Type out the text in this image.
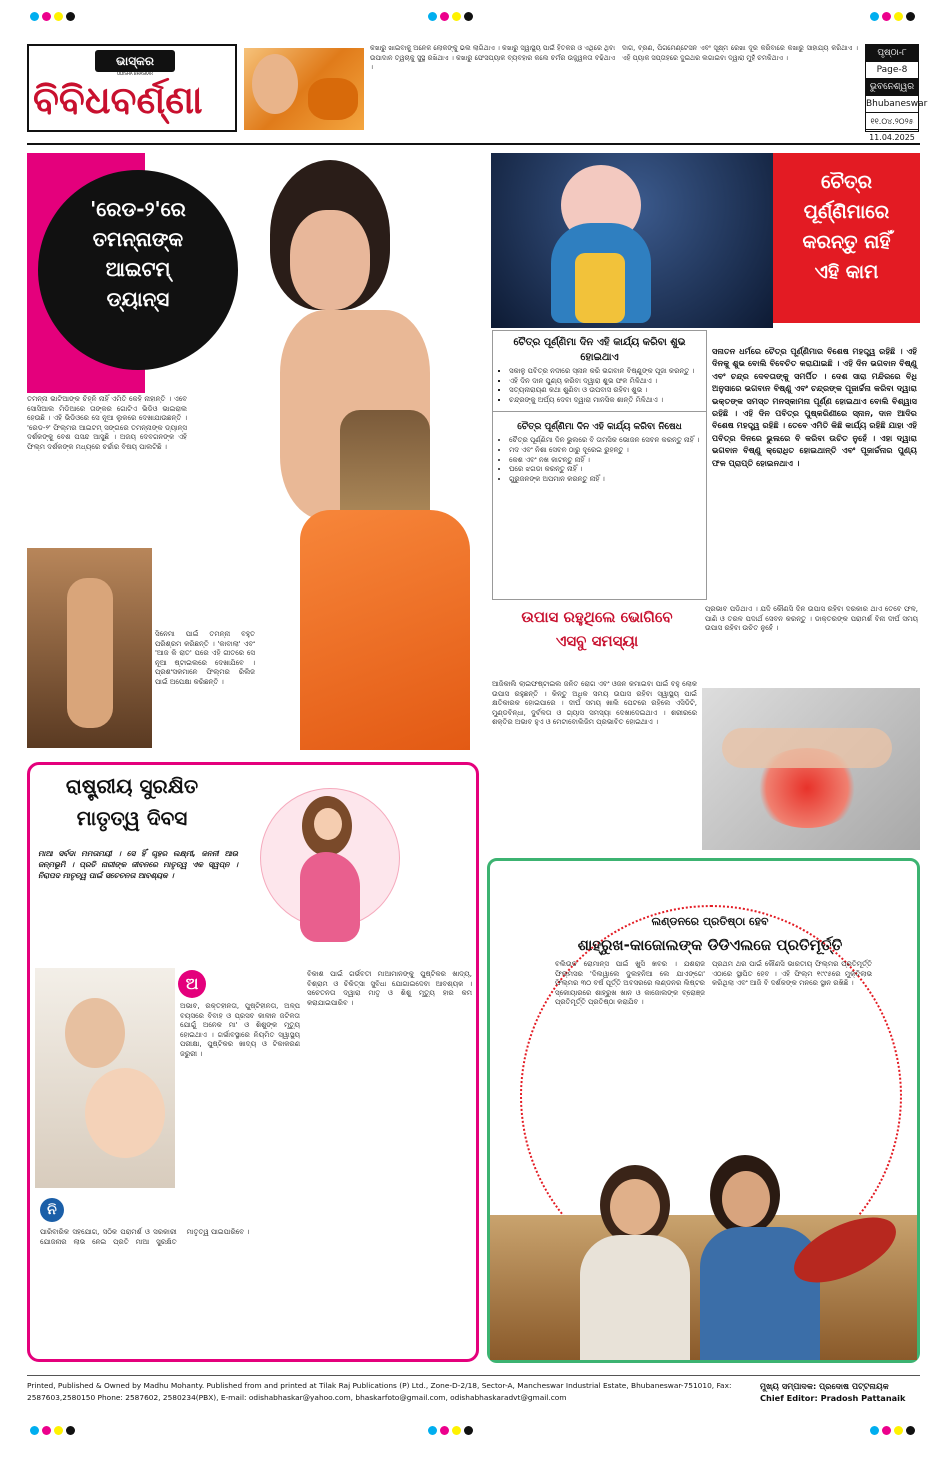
ଭାସ୍କର
ODISHA BHASKAR
ବିବିଧବର୍ଣ୍ଣା
କଖାରୁ ଖାଇବାକୁ ଅନେକ ଲୋକଙ୍କୁ ଭଲ ଲାଗିଥାଏ । କଖାରୁ ସ୍ୱାସ୍ଥ୍ୟ ପାଇଁ ହିତକର ଓ ଏଥିରେ ଥିବା ଉପାଦାନ ତ୍ୱଚାକୁ ସୁସ୍ଥ ରଖିଥାଏ । କଖାରୁ ଫେସପ୍ୟାକ ବ୍ୟବହାର କଲେ ଚର୍ମର ଉଜ୍ଜ୍ୱଳତା ବଢିଥାଏ ।
ଦାଗ, ବ୍ରଣ, ପିଗମେଣ୍ଟେସନ ଏବଂ ସୂକ୍ଷ୍ମ ରେଖା ଦୂର କରିବାରେ କଖାରୁ ସାହାଯ୍ୟ କରିଥାଏ । ଏହି ପ୍ୟାକ ସପ୍ତାହରେ ଦୁଇଥର ଲଗାଇବା ଦ୍ୱାରା ମୁହଁ ଚମକିଥାଏ ।	ପୃଷ୍ଠା-୮
Page-8
ଭୁବନେଶ୍ୱର
Bhubaneswar
୧୧.୦୪.୨୦୨୫
11.04.2025
'ରେଡ-୨'ରେ
ତମନ୍ନାଙ୍କ
ଆଇଟମ୍
ଡ୍ୟାନ୍ସ
ତମନ୍ନା ଭାଟିଆଙ୍କ ଚିହ୍ନି ନାହିଁ ଏମିତି କେହି ନାହାନ୍ତି । ଏବେ ସୋସିଆଲ ମିଡିଆରେ ତାଙ୍କର ଗୋଟିଏ ଭିଡିଓ ଭାଇରାଲ ହେଉଛି । ଏହି ଭିଡିଓରେ ସେ ନୂଆ ଲୁକରେ ଦେଖାଯାଉଛନ୍ତି । 'ରେଡ-୨' ଫିଲ୍ମର ଆଇଟମ୍ ସଙ୍ଗରେ ତମନ୍ନାଙ୍କ ଡ୍ୟାନ୍ସ ଦର୍ଶକଙ୍କୁ ବେଶ ପସନ୍ଦ ଆସୁଛି । ଅଜୟ ଦେବଗନଙ୍କ ଏହି ଫିଲ୍ମ ଦର୍ଶକଙ୍କ ମଧ୍ୟରେ ଚର୍ଚ୍ଚାର ବିଷୟ ପାଲଟିଛି ।
ସିନେମା ପାଇଁ ତମନ୍ନା ବହୁତ ପରିଶ୍ରମ କରିଛନ୍ତି । 'କାବାଲା' ଏବଂ 'ଆଜ କି ରାତ' ପରେ ଏହି ଗୀତରେ ସେ ନୂଆ ଷ୍ଟାଇଲରେ ଦେଖାଯିବେ । ପ୍ରଶଂସକମାନେ ଫିଲ୍ମର ରିଲିଜ ପାଇଁ ଅପେକ୍ଷା କରିଛନ୍ତି ।
ଚୈତ୍ର
ପୂର୍ଣ୍ଣିମାରେ
କରନ୍ତୁ ନାହିଁ
ଏହି କାମ
ଚୈତ୍ର ପୂର୍ଣ୍ଣିମା ଦିନ ଏହି କାର୍ଯ୍ୟ କରିବା ଶୁଭ ହୋଇଥାଏ
▪ ସକାଳୁ ପବିତ୍ର ନଦୀରେ ସ୍ନାନ କରି ଭଗବାନ ବିଷ୍ଣୁଙ୍କ ପୂଜା କରନ୍ତୁ ।
▪ ଏହି ଦିନ ଦାନ ପୁଣ୍ୟ କରିବା ଦ୍ୱାରା ଶୁଭ ଫଳ ମିଳିଥାଏ ।
▪ ସତ୍ୟନାରାୟଣ କଥା ଶୁଣିବା ଓ ଉପବାସ ରହିବା ଶୁଭ ।
▪ ଚନ୍ଦ୍ରଙ୍କୁ ଅର୍ଘ୍ୟ ଦେବା ଦ୍ୱାରା ମାନସିକ ଶାନ୍ତି ମିଳିଥାଏ ।
ଚୈତ୍ର ପୂର୍ଣ୍ଣିମା ଦିନ ଏହି କାର୍ଯ୍ୟ କରିବା ନିଷେଧ
• ଚୈତ୍ର ପୂର୍ଣ୍ଣିମା ଦିନ ଭୁଲରେ ବି ତାମସିକ ଭୋଜନ ସେବନ କରନ୍ତୁ ନାହିଁ ।
• ମଦ ଏବଂ ନିଶା ସେବନ ଠାରୁ ଦୂରେଇ ରୁହନ୍ତୁ ।
• କେଶ ଏବଂ ନଖ କାଟନ୍ତୁ ନାହିଁ ।
• ଘରେ ଝଗଡା କରନ୍ତୁ ନାହିଁ ।
• ଗୁରୁଜନଙ୍କ ଅପମାନ କରନ୍ତୁ ନାହିଁ ।
ସନାତନ ଧର୍ମରେ ଚୈତ୍ର ପୂର୍ଣ୍ଣିମାର ବିଶେଷ ମହତ୍ତ୍ୱ ରହିଛି । ଏହି ଦିନକୁ ଶୁଭ ବୋଲି ବିବେଚିତ କରାଯାଇଛି । ଏହି ଦିନ ଭଗବାନ ବିଷ୍ଣୁ ଏବଂ ଚନ୍ଦ୍ର ଦେବତାଙ୍କୁ ସମର୍ପିତ । ଦେଶ ସାରା ମନ୍ଦିରରେ ବିଧି ଅନୁସାରେ ଭଗବାନ ବିଷ୍ଣୁ ଏବଂ ଚନ୍ଦ୍ରଙ୍କ ପୂଜାର୍ଚ୍ଚନା କରିବା ଦ୍ୱାରା ଭକ୍ତଙ୍କ ସମସ୍ତ ମନସ୍କାମନା ପୂର୍ଣ୍ଣ ହୋଇଥାଏ ବୋଲି ବିଶ୍ୱାସ ରହିଛି । ଏହି ଦିନ ପବିତ୍ର ପୁଷ୍କରିଣୀରେ ସ୍ନାନ, ଦାନ ଆଦିର ବିଶେଷ ମହତ୍ତ୍ୱ ରହିଛି । ତେବେ ଏମିତି କିଛି କାର୍ଯ୍ୟ ରହିଛି ଯାହା ଏହି ପବିତ୍ର ଦିନରେ ଭୁଲରେ ବି କରିବା ଉଚିତ ନୁହେଁ । ଏହା ଦ୍ୱାରା ଭଗବାନ ବିଷ୍ଣୁ କ୍ରୋଧିତ ହୋଇଥାନ୍ତି ଏବଂ ପୂଜାର୍ଚ୍ଚନାର ପୁଣ୍ୟ ଫଳ ପ୍ରାପ୍ତି ହୋଇନଥାଏ ।
ଉପାସ ରହୁଥିଲେ ଭୋଗିବେ
ଏସବୁ ସମସ୍ୟା
ଆଜିକାଲି ଲାଇଫଷ୍ଟାଇଲ ଜନିତ ରୋଗ ଏବଂ ଓଜନ କମାଇବା ପାଇଁ ବହୁ ଲୋକ ଉପାସ ରହୁଛନ୍ତି । କିନ୍ତୁ ଅଧିକ ସମୟ ଉପାସ ରହିବା ସ୍ୱାସ୍ଥ୍ୟ ପାଇଁ କ୍ଷତିକାରକ ହୋଇପାରେ । ଦୀର୍ଘ ସମୟ ଖାଲି ପେଟରେ ରହିଲେ ଏସିଡିଟି, ମୁଣ୍ଡବିନ୍ଧା, ଦୁର୍ବଳତା ଓ ଗ୍ୟାସ ସମସ୍ୟା ଦେଖାଦେଇଥାଏ । ଶରୀରରେ ଶକ୍ତିର ଅଭାବ ହୁଏ ଓ ମେଟାବୋଲିଜିମ ପ୍ରଭାବିତ ହୋଇଥାଏ ।
ପ୍ରଭାବ ପଡିଥାଏ । ଯଦି କୌଣସି ଦିନ ଉପାସ ରହିବା ଦରକାର ଥାଏ ତେବେ ଫଳ, ପାଣି ଓ ତରଳ ପଦାର୍ଥ ସେବନ କରନ୍ତୁ । ଡାକ୍ତରଙ୍କ ପରାମର୍ଶ ବିନା ଦୀର୍ଘ ସମୟ ଉପାସ ରହିବା ଉଚିତ ନୁହେଁ ।
ରାଷ୍ଟ୍ରୀୟ ସୁରକ୍ଷିତ
ମାତୃତ୍ୱ ଦିବସ
ମାଆ ସର୍ବଦା ମମତାମୟୀ । ସେ ହିଁ ଗୃହର ଲକ୍ଷ୍ମୀ, ଜନନୀ ଆଉ ଜନ୍ମଭୂମି । ପ୍ରତି ନାରୀଙ୍କ ଜୀବନରେ ମାତୃତ୍ୱ ଏକ ସ୍ୱପ୍ନ । ନିରାପଦ ମାତୃତ୍ୱ ପାଇଁ ସଚେତନତା ଆବଶ୍ୟକ ।
ଅ
ଅଭାବ, ରକ୍ତହୀନତା, ପୁଷ୍ଟିହୀନତା, ଅଳ୍ପ ବୟସରେ ବିବାହ ଓ ପ୍ରସବ କାଳୀନ ଜଟିଳତା ଯୋଗୁଁ ଅନେକ ମା' ଓ ଶିଶୁଙ୍କ ମୃତ୍ୟୁ ହୋଇଥାଏ । ଗର୍ଭାବସ୍ଥାରେ ନିୟମିତ ସ୍ୱାସ୍ଥ୍ୟ ପରୀକ୍ଷା, ପୁଷ୍ଟିକର ଖାଦ୍ୟ ଓ ଟିକାକରଣ ଜରୁରୀ ।
ବିକାଶ ପାଇଁ ଗର୍ଭବତୀ ମାଆମାନଙ୍କୁ ପୁଷ୍ଟିକର ଖାଦ୍ୟ, ବିଶ୍ରାମ ଓ ଚିକିତ୍ସା ସୁବିଧା ଯୋଗାଇଦେବା ଆବଶ୍ୟକ । ସଚେତନତା ଦ୍ୱାରା ମାତୃ ଓ ଶିଶୁ ମୃତ୍ୟୁ ହାର କମ କରାଯାଇପାରିବ ।
ନି
ପାରିବାରିକ ସହଯୋଗ, ସଠିକ ପରାମର୍ଶ ଓ ସରକାରୀ ଯୋଜନାର ଲାଭ ନେଇ ପ୍ରତି ମାଆ ସୁରକ୍ଷିତ ମାତୃତ୍ୱ ପାଇପାରିବେ ।
ଲଣ୍ଡନରେ ପ୍ରତିଷ୍ଠା ହେବ
ଶାହ୍ରୁଖ-କାଜୋଲଙ୍କ ଡିଡିଏଲଜେ ପ୍ରତିମୂର୍ତ୍ତି
ବଲିଉଡ ରୋମାନ୍ସ ପାଇଁ ଖୁସି ଖବର । ଯଶରାଜ ଫିଲ୍ମସର 'ଦିଲୱାଲେ ଦୁଲହନିଆ ଲେ ଯାଏଙ୍ଗେ' ଫିଲ୍ମର ୩୦ ବର୍ଷ ପୂର୍ତ୍ତି ଅବସରରେ ଲଣ୍ଡନର ଲିଷ୍ଟର ସ୍କୋୟାରରେ ଶାହ୍ରୁଖ ଖାନ ଓ କାଜୋଲଙ୍କ ବ୍ରୋଞ୍ଜ ପ୍ରତିମୂର୍ତ୍ତି ପ୍ରତିଷ୍ଠା କରାଯିବ ।
ପ୍ରଥମ ଥର ପାଇଁ କୌଣସି ଭାରତୀୟ ଫିଲ୍ମର ପ୍ରତିମୂର୍ତ୍ତି ଏଠାରେ ସ୍ଥାପିତ ହେବ । ଏହି ଫିଲ୍ମ ୧୯୯୫ରେ ମୁକ୍ତିଲାଭ କରିଥିଲା ଏବଂ ଆଜି ବି ଦର୍ଶକଙ୍କ ମନରେ ସ୍ଥାନ ରଖିଛି ।
Printed, Published & Owned by Madhu Mohanty. Published from and printed at Tilak Raj Publications (P) Ltd., Zone-D-2/18, Sector-A, Mancheswar Industrial Estate, Bhubaneswar-751010, Fax: 2587603,2580150 Phone: 2587602, 2580234(PBX), E-mail: odishabhaskar@yahoo.com, bhaskarfoto@gmail.com, odishabhaskaradvt@gmail.com
ମୁଖ୍ୟ ସମ୍ପାଦକ: ପ୍ରଦୋଷ ପଟ୍ଟନାୟକ
Chief Editor: Pradosh Pattanaik
